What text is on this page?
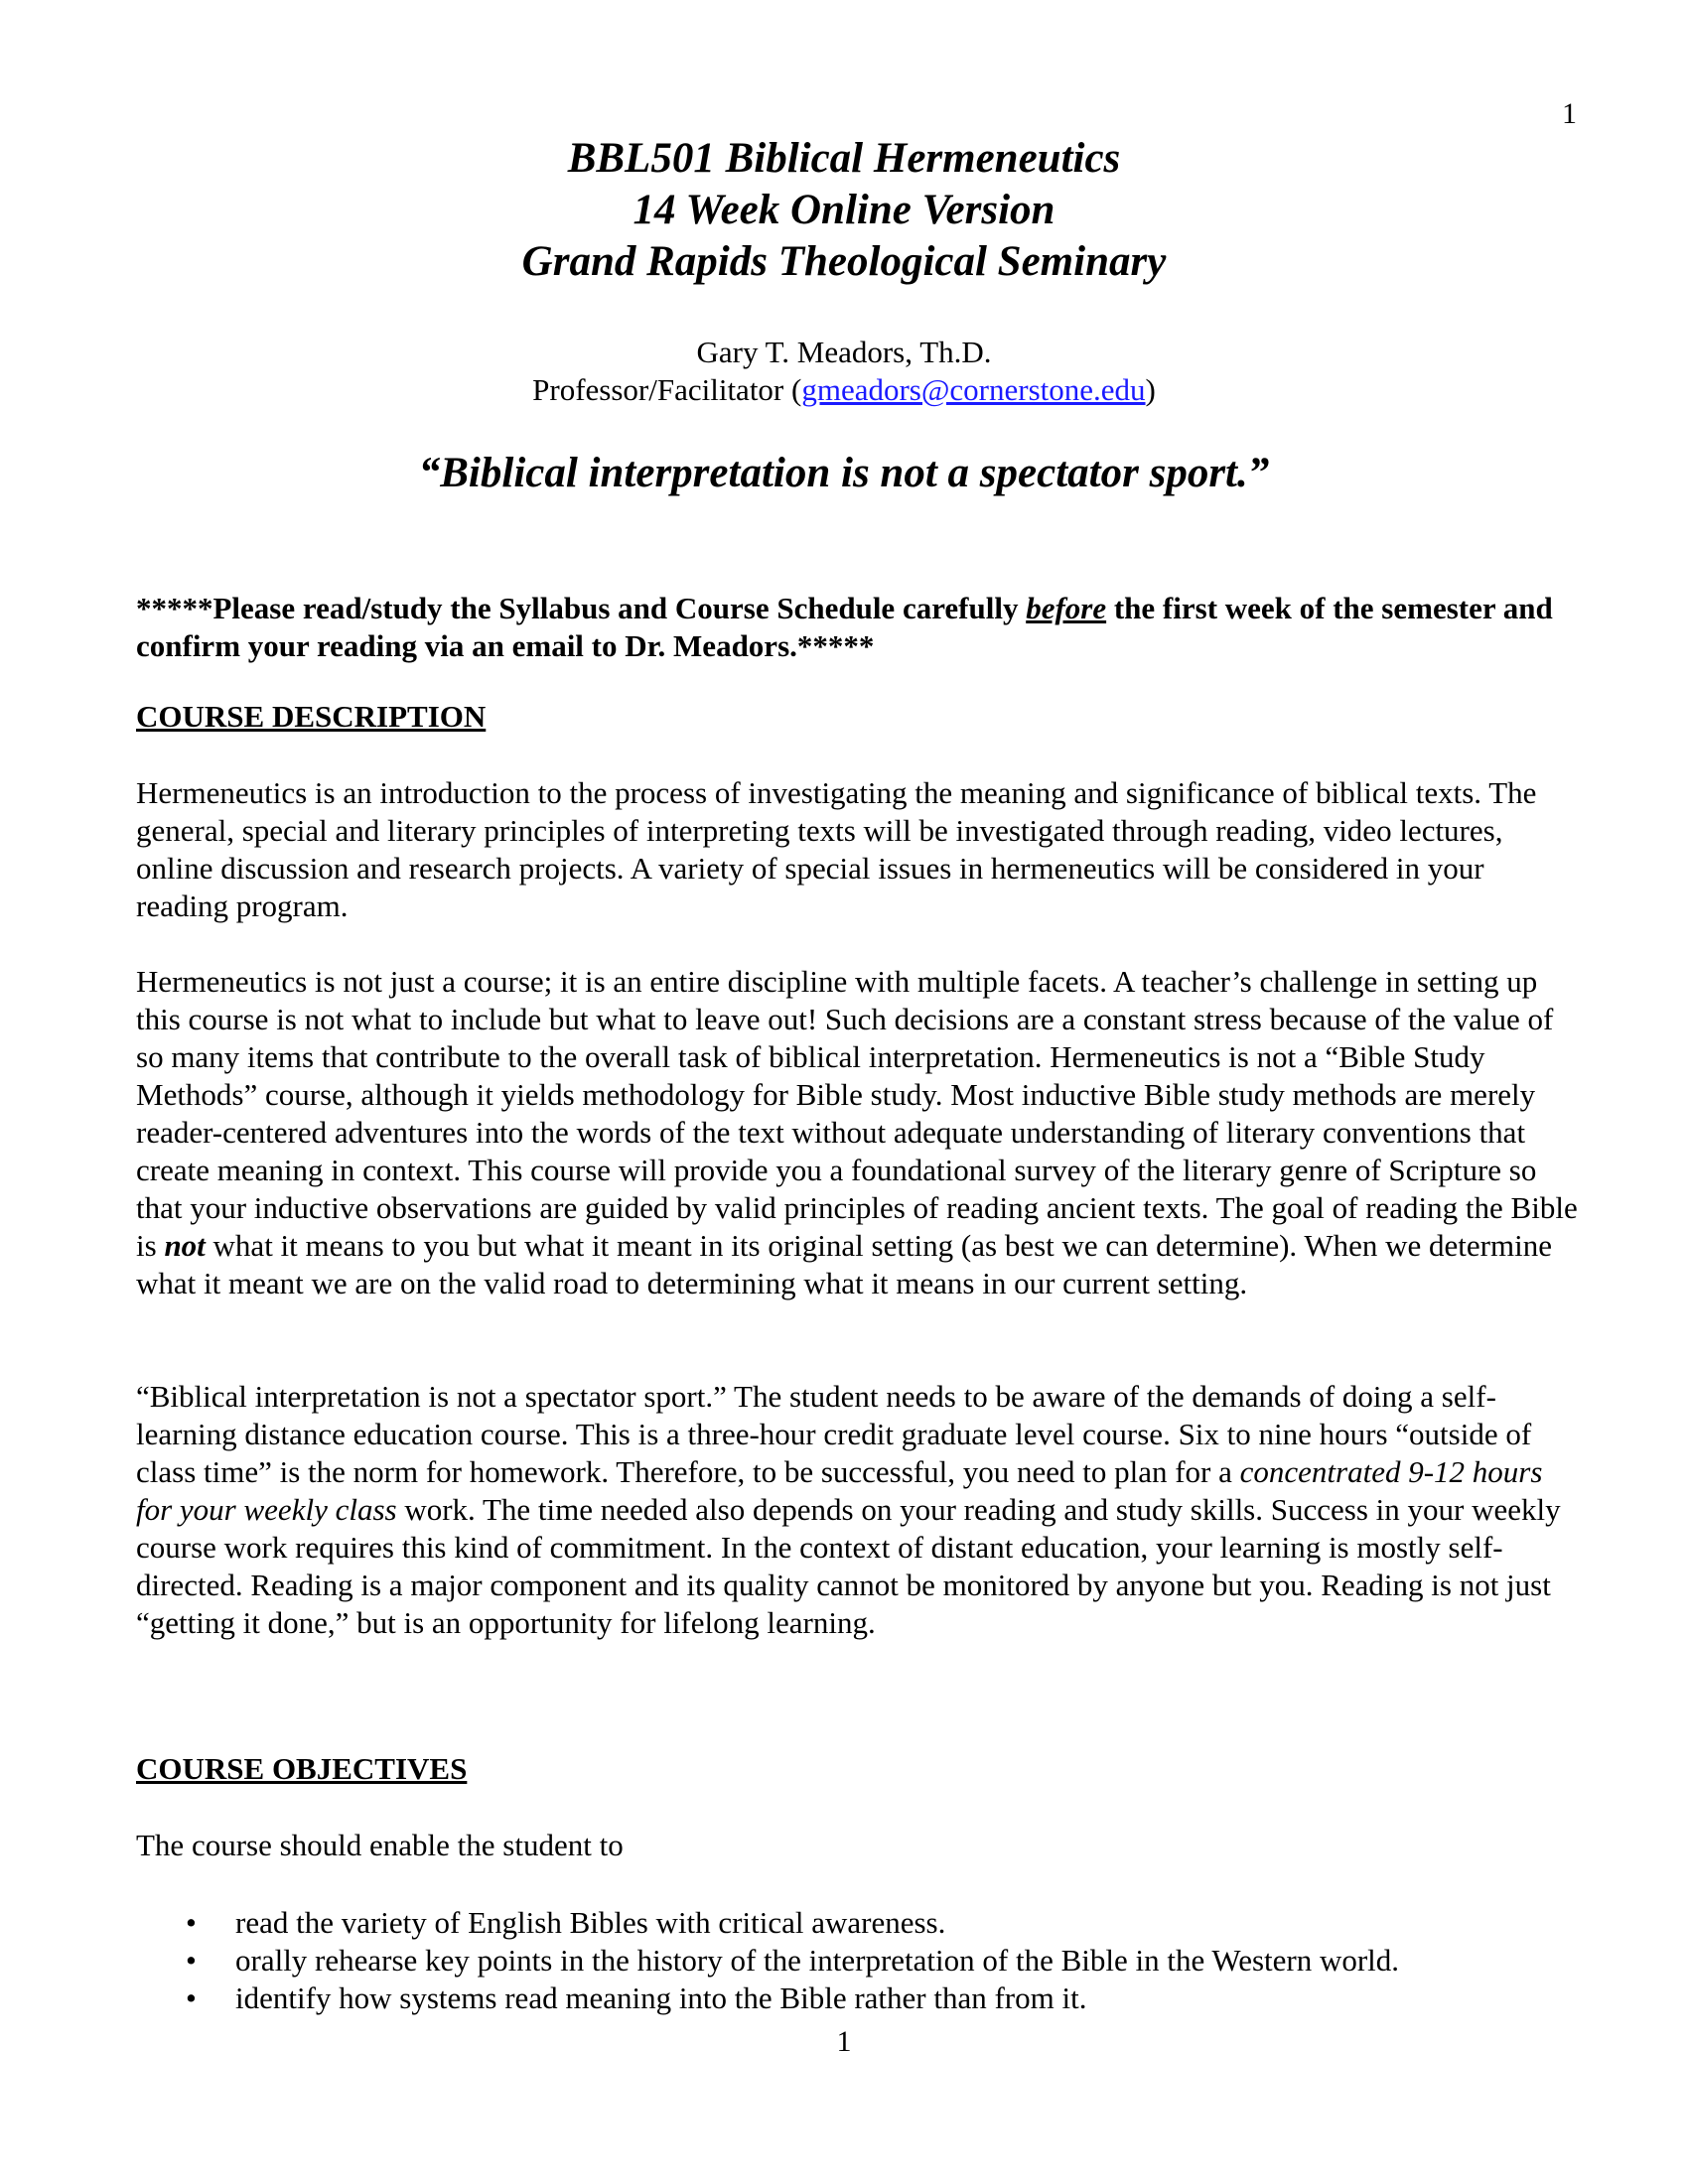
1
BBL501 Biblical Hermeneutics
14 Week Online Version
Grand Rapids Theological Seminary
Gary T. Meadors, Th.D.
Professor/Facilitator (gmeadors@cornerstone.edu)
“Biblical interpretation is not a spectator sport.”
*****Please read/study the Syllabus and Course Schedule carefully before the first week of the semester and confirm your reading via an email to Dr. Meadors.*****
COURSE DESCRIPTION
Hermeneutics is an introduction to the process of investigating the meaning and significance of biblical texts. The general, special and literary principles of interpreting texts will be investigated through reading, video lectures, online discussion and research projects. A variety of special issues in hermeneutics will be considered in your reading program.
Hermeneutics is not just a course; it is an entire discipline with multiple facets. A teacher’s challenge in setting up this course is not what to include but what to leave out! Such decisions are a constant stress because of the value of so many items that contribute to the overall task of biblical interpretation. Hermeneutics is not a “Bible Study Methods” course, although it yields methodology for Bible study. Most inductive Bible study methods are merely reader-centered adventures into the words of the text without adequate understanding of literary conventions that create meaning in context. This course will provide you a foundational survey of the literary genre of Scripture so that your inductive observations are guided by valid principles of reading ancient texts. The goal of reading the Bible is not what it means to you but what it meant in its original setting (as best we can determine). When we determine what it meant we are on the valid road to determining what it means in our current setting.
“Biblical interpretation is not a spectator sport.” The student needs to be aware of the demands of doing a self-learning distance education course. This is a three-hour credit graduate level course. Six to nine hours “outside of class time” is the norm for homework. Therefore, to be successful, you need to plan for a concentrated 9-12 hours for your weekly class work. The time needed also depends on your reading and study skills. Success in your weekly course work requires this kind of commitment. In the context of distant education, your learning is mostly self-directed. Reading is a major component and its quality cannot be monitored by anyone but you. Reading is not just “getting it done,” but is an opportunity for lifelong learning.
COURSE OBJECTIVES
The course should enable the student to
• read the variety of English Bibles with critical awareness.
• orally rehearse key points in the history of the interpretation of the Bible in the Western world.
• identify how systems read meaning into the Bible rather than from it.
1
